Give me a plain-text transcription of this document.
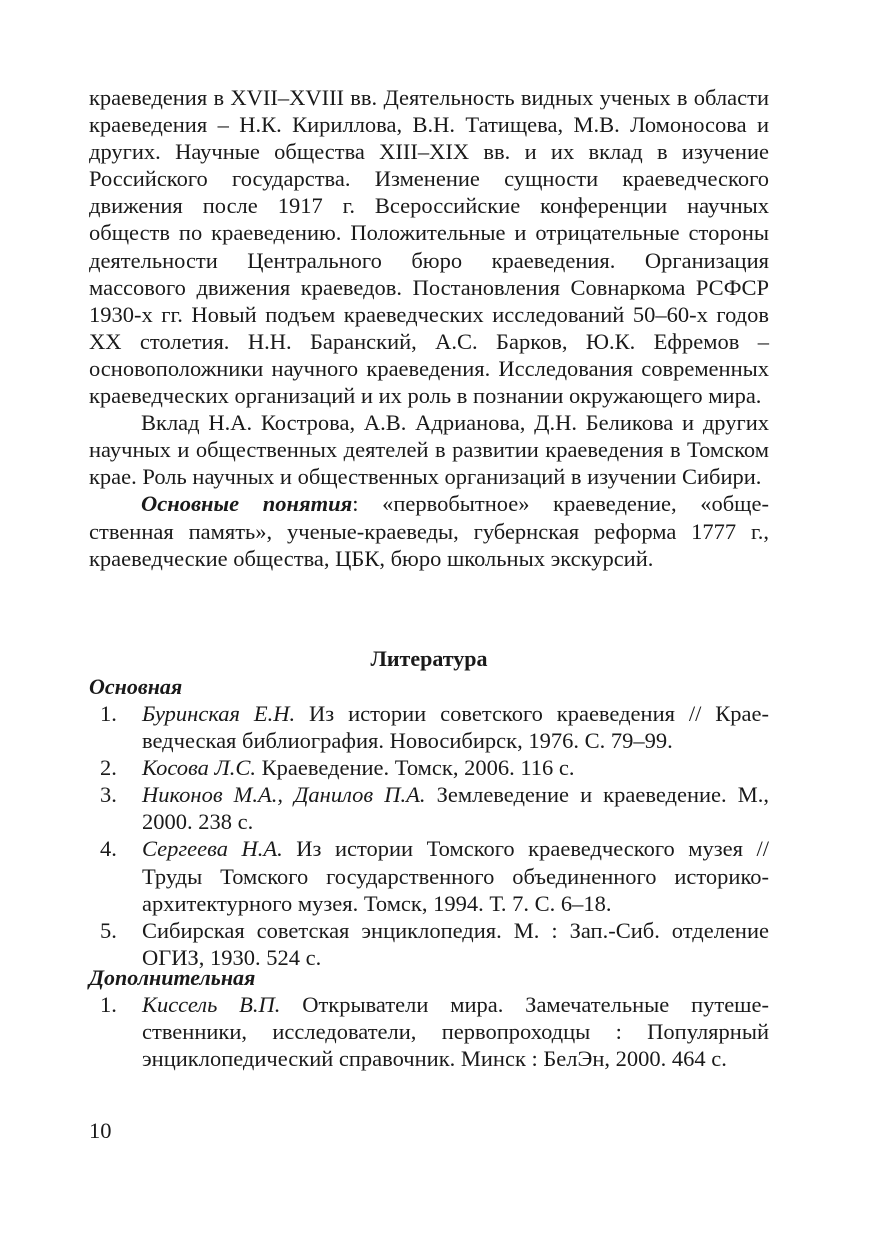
краеведения в XVII–XVIII вв. Деятельность видных ученых в области краеведения – Н.К. Кириллова, В.Н. Татищева, М.В. Ломоносова и других. Научные общества XIII–XIX вв. и их вклад в изучение Российского государства. Изменение сущности краеведческого движения после 1917 г. Всероссийские конференции научных обществ по краеведению. Положительные и отрицательные стороны деятельности Центрального бюро краеведения. Организация массового движения краеведов. Постановления Совнаркома РСФСР 1930-х гг. Новый подъем краеведческих исследований 50–60-х годов XX столетия. Н.Н. Баранский, А.С. Барков, Ю.К. Ефремов – основоположники научного краеведения. Исследования современных краеведческих организаций и их роль в познании окружающего мира.

Вклад Н.А. Кострова, А.В. Адрианова, Д.Н. Беликова и других научных и общественных деятелей в развитии краеведения в Томском крае. Роль научных и общественных организаций в изучении Сибири.

Основные понятия: «первобытное» краеведение, «общественная память», ученые-краеведы, губернская реформа 1777 г., краеведческие общества, ЦБК, бюро школьных экскурсий.

Литература
Основная
1. Буринская Е.Н. Из истории советского краеведения // Краеведческая библиография. Новосибирск, 1976. С. 79–99.
2. Косова Л.С. Краеведение. Томск, 2006. 116 с.
3. Никонов М.А., Данилов П.А. Землеведение и краеведение. М., 2000. 238 с.
4. Сергеева Н.А. Из истории Томского краеведческого музея // Труды Томского государственного объединенного историко-архитектурного музея. Томск, 1994. Т. 7. С. 6–18.
5. Сибирская советская энциклопедия. М. : Зап.-Сиб. отделение ОГИЗ, 1930. 524 с.
Дополнительная
1. Киссель В.П. Открыватели мира. Замечательные путешественники, исследователи, первопроходцы : Популярный энциклопедический справочник. Минск : БелЭн, 2000. 464 с.
10
